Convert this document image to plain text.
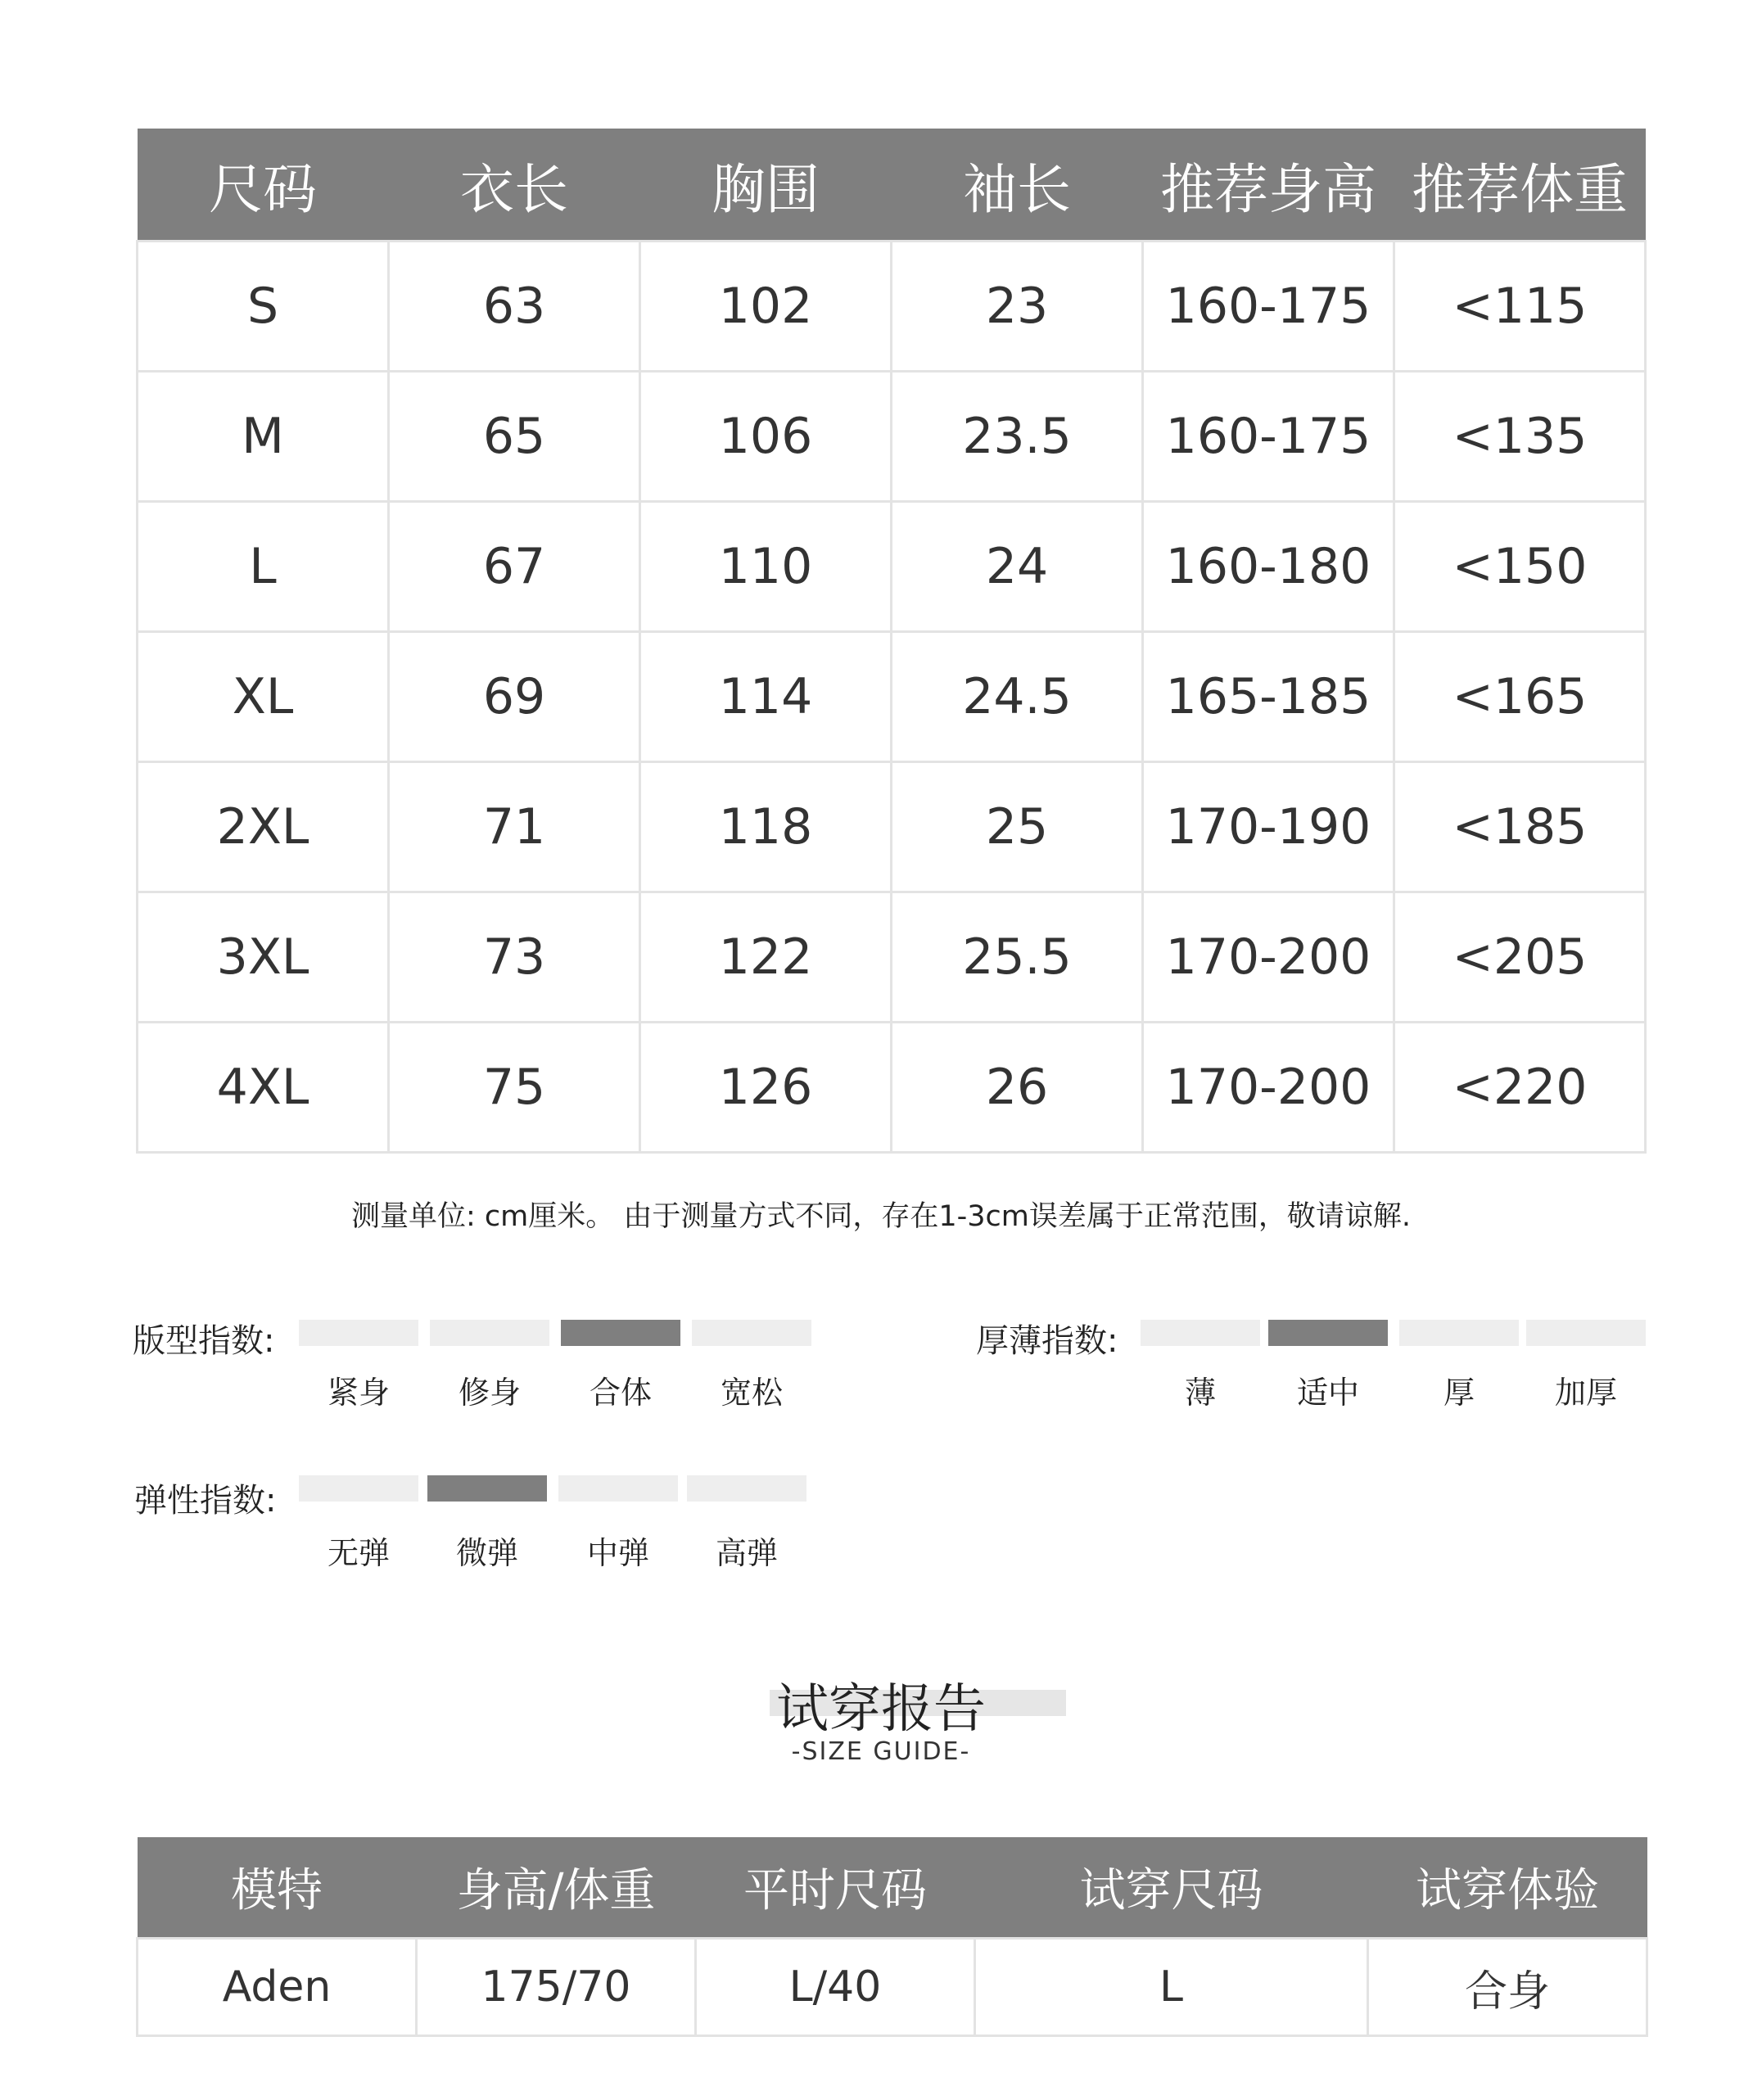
尺码	衣长	胸围	袖长	推荐身高	推荐体重
S	63	102	23	160-175	<115
M	65	106	23.5	160-175	<135
L	67	110	24	160-180	<150
XL	69	114	24.5	165-185	<165
2XL	71	118	25	170-190	<185
3XL	73	122	25.5	170-200	<205
4XL	75	126	26	170-200	<220
测量单位: cm厘米。 由于测量方式不同，存在1-3cm误差属于正常范围，敬请谅解.
版型指数:
紧身	修身	合体	宽松
厚薄指数:
薄	适中	厚	加厚
弹性指数:
无弹	微弹	中弹	高弹
试穿报告
-SIZE GUIDE-
模特	身高/体重	平时尺码	试穿尺码	试穿体验
Aden	175/70	L/40	L	合身
